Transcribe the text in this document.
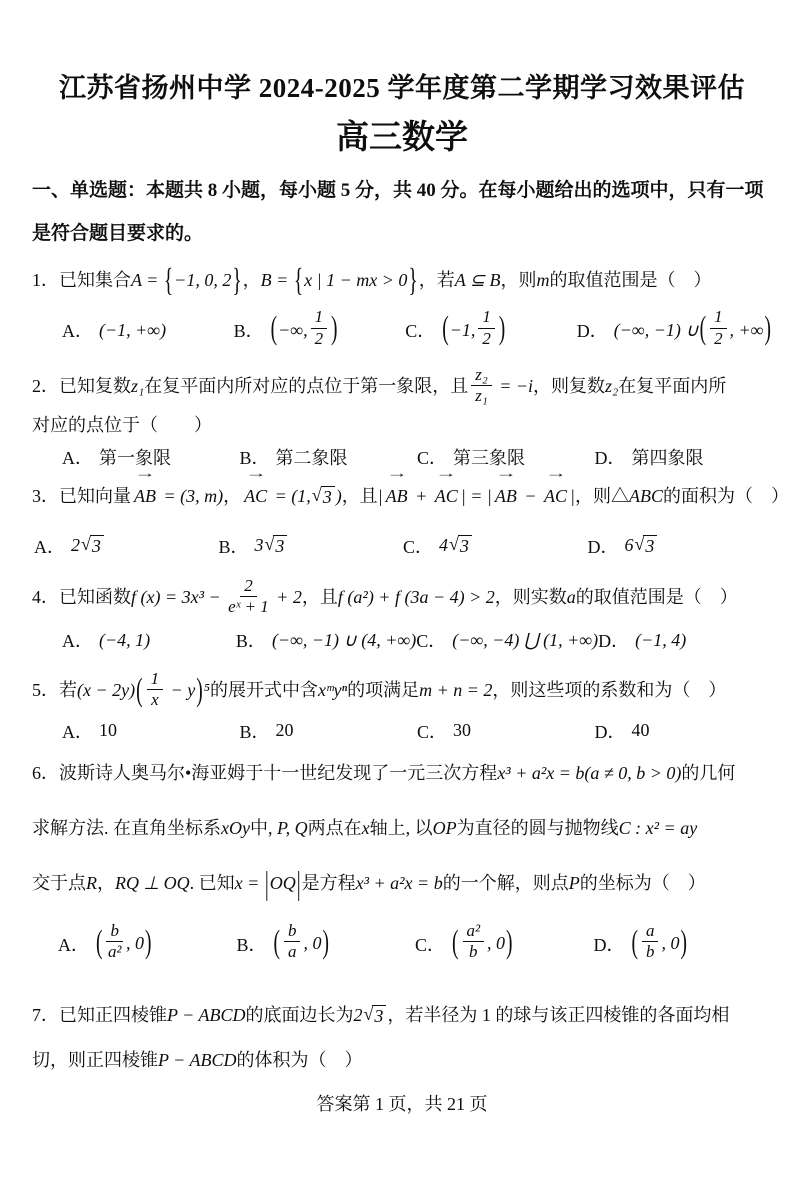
江苏省扬州中学 2024-2025 学年度第二学期学习效果评估
高三数学
一、单选题：本题共 8 小题，每小题 5 分，共 40 分。在每小题给出的选项中，只有一项
是符合题目要求的。
1．已知集合A = {−1, 0, 2}，B = {x | 1 − mx > 0}，若A ⊆ B，则m的取值范围是（　）
A． (−1, +∞)	B． ( −∞, $\frac{1}{2}$ )	C． ( −1, $\frac{1}{2}$ )	D． (−∞, −1) ∪ ( $\frac{1}{2}$ , +∞ )
2．已知复数z₁在复平面内所对应的点位于第一象限，且 $\frac{\text{z₂}}{\text{z₁}} = -i$，则复数z₂在复平面内所
对应的点位于（　　）
A． 第一象限	B． 第二象限	C． 第三象限	D． 第四象限
3．已知向量
→
AB = (3, m)，
→
AC = (1, √ 3 )，且|
→
AB +
→
AC | = |
→
AB −
→
AC |，则△ABC的面积为（　）
A． 2 √ 3	B． 3 √ 3	C． 4 √ 3	D． 6 √ 3
4．已知函数f $(x) = 3x^3 - \frac{2}{\text{eˣ + 1}} + 2$，且f (a²) + f (3a − 4) > 2，则实数a的取值范围是（　）
A． (−4, 1)	B． (−∞, −1) ∪ (4, +∞) C． (−∞, −4) ⋃ (1, +∞) D． (−1, 4)
5．若$(x - 2y)( \frac{1}{x} - y)^5$的展开式中含xᵐyⁿ的项满足m + n = 2，则这些项的系数和为（　）
A． 10	B． 20	C． 30	D． 40
6．波斯诗人奥马尔•海亚姆于十一世纪发现了一元三次方程x³ + a²x = b(a ≠ 0, b > 0)的几何
求解方法. 在直角坐标系xOy中, P, Q两点在x轴上, 以OP为直径的圆与抛物线C : x² = ay
交于点R，RQ ⊥ OQ. 已知x = |OQ|是方程x³ + a²x = b的一个解，则点P的坐标为（　）
A． ( $\frac{b}{\text{a²}}$ , 0 )	B． ( $\frac{b}{a}$ , 0 )	C． ( $\frac{\text{a²}}{b}$ , 0 )	D． ( $\frac{a}{b}$ , 0 )
7．已知正四棱锥P − ABCD的底面边长为2 √ 3 ，若半径为 1 的球与该正四棱锥的各面均相
切，则正四棱锥P − ABCD的体积为（　）
答案第 1 页，共 21 页
